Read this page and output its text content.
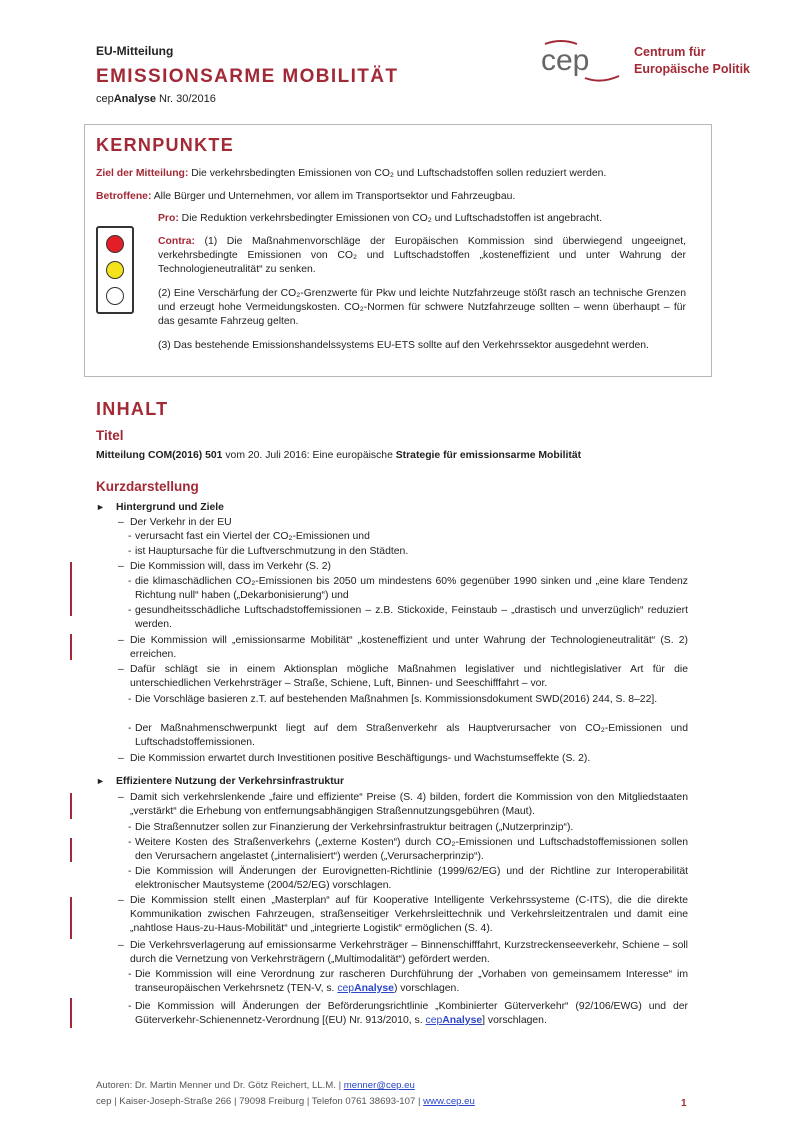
EU-Mitteilung
EMISSIONSARME MOBILITÄT
cepAnalyse Nr. 30/2016
cep	Centrum für
Europäische Politik
KERNPUNKTE
Ziel der Mitteilung: Die verkehrsbedingten Emissionen von CO₂ und Luftschadstoffen sollen reduziert werden.
Betroffene: Alle Bürger und Unternehmen, vor allem im Transportsektor und Fahrzeugbau.
Pro: Die Reduktion verkehrsbedingter Emissionen von CO₂ und Luftschadstoffen ist angebracht.
Contra: (1) Die Maßnahmenvorschläge der Europäischen Kommission sind überwiegend ungeeignet, verkehrsbedingte Emissionen von CO₂ und Luftschadstoffen „kosteneffizient und unter Wahrung der Technologieneutralität“ zu senken.
(2) Eine Verschärfung der CO₂-Grenzwerte für Pkw und leichte Nutzfahrzeuge stößt rasch an technische Grenzen und erzeugt hohe Vermeidungskosten. CO₂-Normen für schwere Nutzfahrzeuge sollten – wenn überhaupt – für das gesamte Fahrzeug gelten.
(3) Das bestehende Emissionshandelssystems EU-ETS sollte auf den Verkehrssektor ausgedehnt werden.
INHALT
Titel
Mitteilung COM(2016) 501 vom 20. Juli 2016: Eine europäische Strategie für emissionsarme Mobilität
Kurzdarstellung
► Hintergrund und Ziele
– Der Verkehr in der EU
- verursacht fast ein Viertel der CO₂-Emissionen und
- ist Hauptursache für die Luftverschmutzung in den Städten.
– Die Kommission will, dass im Verkehr (S. 2)
- die klimaschädlichen CO₂-Emissionen bis 2050 um mindestens 60% gegenüber 1990 sinken und „eine klare Tendenz Richtung null“ haben („Dekarbonisierung“) und
- gesundheitsschädliche Luftschadstoffemissionen – z.B. Stickoxide, Feinstaub – „drastisch und unverzüglich“ reduziert werden.
– Die Kommission will „emissionsarme Mobilität“ „kosteneffizient und unter Wahrung der Technologieneutralität“ (S. 2) erreichen.
– Dafür schlägt sie in einem Aktionsplan mögliche Maßnahmen legislativer und nichtlegislativer Art für die unterschiedlichen Verkehrsträger – Straße, Schiene, Luft, Binnen- und Seeschifffahrt – vor.
- Die Vorschläge basieren z.T. auf bestehenden Maßnahmen [s. Kommissionsdokument SWD(2016) 244, S. 8–22].
- Der Maßnahmenschwerpunkt liegt auf dem Straßenverkehr als Hauptverursacher von CO₂-Emissionen und Luftschadstoffemissionen.
– Die Kommission erwartet durch Investitionen positive Beschäftigungs- und Wachstumseffekte (S. 2).
► Effizientere Nutzung der Verkehrsinfrastruktur
– Damit sich verkehrslenkende „faire und effiziente“ Preise (S. 4) bilden, fordert die Kommission von den Mitgliedstaaten „verstärkt“ die Erhebung von entfernungsabhängigen Straßennutzungsgebühren (Maut).
- Die Straßennutzer sollen zur Finanzierung der Verkehrsinfrastruktur beitragen („Nutzerprinzip“).
- Weitere Kosten des Straßenverkehrs („externe Kosten“) durch CO₂-Emissionen und Luftschadstoffemissionen sollen den Verursachern angelastet („internalisiert“) werden („Verursacherprinzip“).
- Die Kommission will Änderungen der Eurovignetten-Richtlinie (1999/62/EG) und der Richtline zur Interoperabilität elektronischer Mautsysteme (2004/52/EG) vorschlagen.
– Die Kommission stellt einen „Masterplan“ auf für Kooperative Intelligente Verkehrssysteme (C-ITS), die die direkte Kommunikation zwischen Fahrzeugen, straßenseitiger Verkehrsleittechnik und Verkehrsleitzentralen und damit eine „nahtlose Haus-zu-Haus-Mobilität“ und „integrierte Logistik“ ermöglichen (S. 4).
– Die Verkehrsverlagerung auf emissionsarme Verkehrsträger – Binnenschifffahrt, Kurzstreckenseeverkehr, Schiene – soll durch die Vernetzung von Verkehrsträgern („Multimodalität“) gefördert werden.
- Die Kommission will eine Verordnung zur rascheren Durchführung der „Vorhaben von gemeinsamem Interesse“ im transeuropäischen Verkehrsnetz (TEN-V, s. cepAnalyse) vorschlagen.
- Die Kommission will Änderungen der Beförderungsrichtlinie „Kombinierter Güterverkehr“ (92/106/EWG) und der Güterverkehr-Schienennetz-Verordnung [(EU) Nr. 913/2010, s. cepAnalyse] vorschlagen.
Autoren: Dr. Martin Menner und Dr. Götz Reichert, LL.M. | menner@cep.eu
cep | Kaiser-Joseph-Straße 266 | 79098 Freiburg | Telefon 0761 38693-107 | www.cep.eu	1
